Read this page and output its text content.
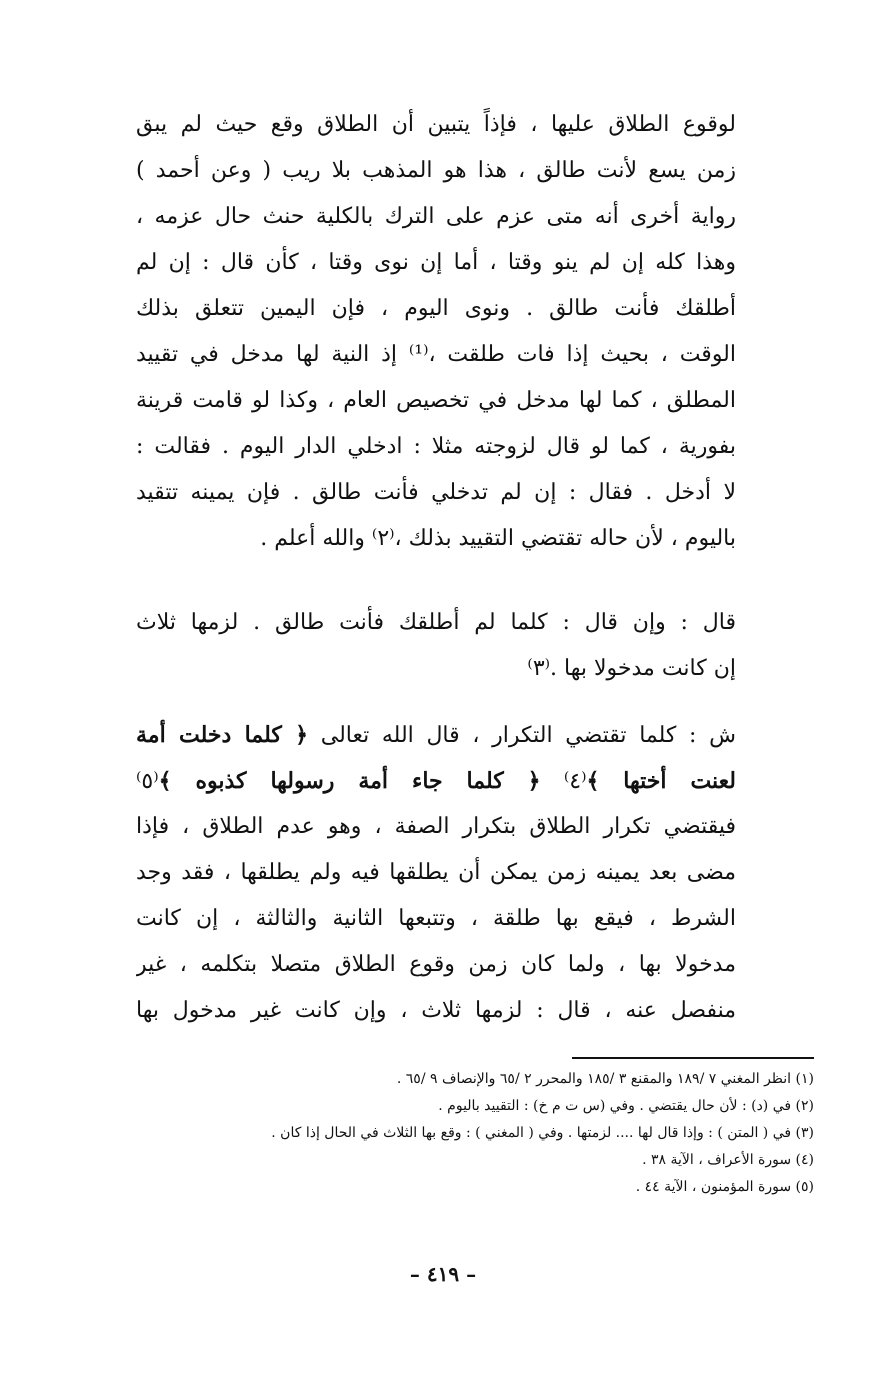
لوقوع الطلاق عليها ، فإذاً يتبين أن الطلاق وقع حيث لم يبق
زمن يسع لأنت طالق ، هذا هو المذهب بلا ريب ( وعن أحمد )
رواية أخرى أنه متى عزم على الترك بالكلية حنث حال عزمه ،
وهذا كله إن لم ينو وقتا ، أما إن نوى وقتا ، كأن قال : إن لم
أطلقك فأنت طالق . ونوى اليوم ، فإن اليمين تتعلق بذلك
الوقت ، بحيث إذا فات طلقت ،⁽¹⁾ إذ النية لها مدخل في تقييد
المطلق ، كما لها مدخل في تخصيص العام ، وكذا لو قامت قرينة
بفورية ، كما لو قال لزوجته مثلا : ادخلي الدار اليوم . فقالت :
لا أدخل . فقال : إن لم تدخلي فأنت طالق . فإن يمينه تتقيد
باليوم ، لأن حاله تقتضي التقييد بذلك ،⁽٢⁾ والله أعلم .
قال : وإن قال : كلما لم أطلقك فأنت طالق . لزمها ثلاث
إن كانت مدخولا بها .⁽٣⁾
ش : كلما تقتضي التكرار ، قال الله تعالى ﴿ كلما دخلت أمة
لعنت أختها ﴾⁽٤⁾ ﴿ كلما جاء أمة رسولها كذبوه ﴾⁽٥⁾
فيقتضي تكرار الطلاق بتكرار الصفة ، وهو عدم الطلاق ، فإذا
مضى بعد يمينه زمن يمكن أن يطلقها فيه ولم يطلقها ، فقد وجد
الشرط ، فيقع بها طلقة ، وتتبعها الثانية والثالثة ، إن كانت
مدخولا بها ، ولما كان زمن وقوع الطلاق متصلا بتكلمه ، غير
منفصل عنه ، قال : لزمها ثلاث ، وإن كانت غير مدخول بها
(١) انظر المغني ٧ /١٨٩ والمقنع ٣ /١٨٥ والمحرر ٢ /٦٥ والإنصاف ٩ /٦٥ .
(٢) في (د) : لأن حال يقتضي . وفي (س ت م خ) : التقييد باليوم .
(٣) في ( المتن ) : وإذا قال لها .... لزمتها . وفي ( المغني ) : وقع بها الثلاث في الحال إذا كان .
(٤) سورة الأعراف ، الآية ٣٨ .
(٥) سورة المؤمنون ، الآية ٤٤ .
– ٤١٩ –
